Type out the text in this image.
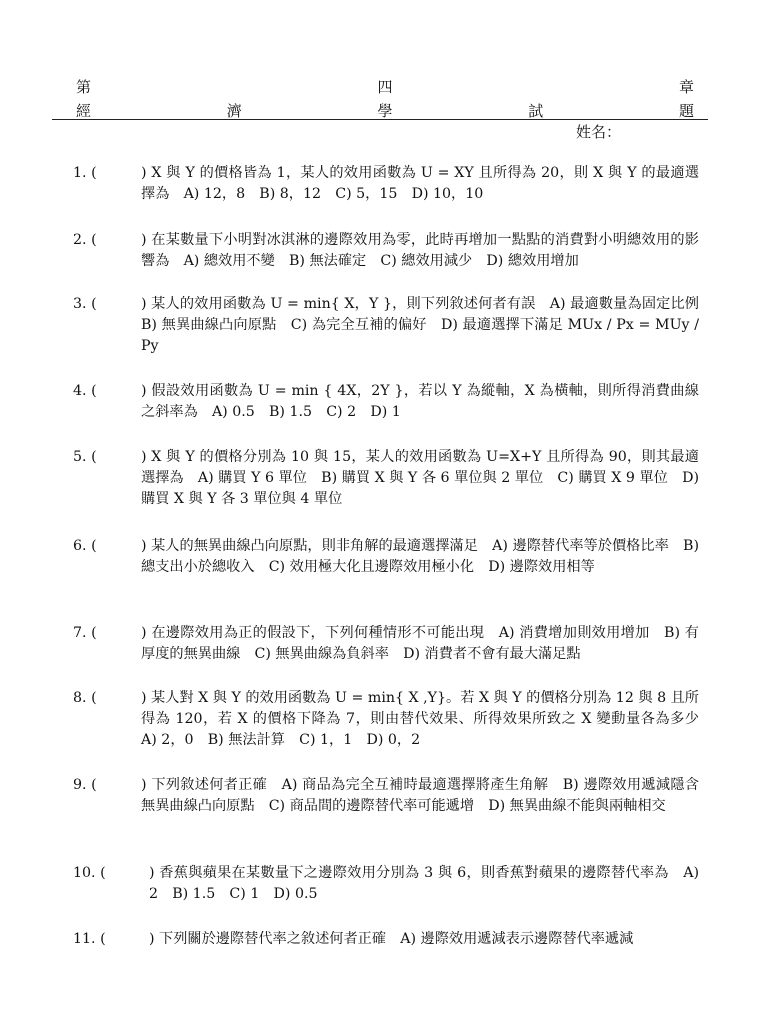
第	四	章
經	濟	學	試	題
姓名：
1. (	) X 與 Y 的價格皆為 1，某人的效用函數為 U = XY 且所得為 20，則 X 與 Y 的最適選擇為　A) 12，8　B) 8，12　C) 5，15　D) 10，10
2. (	) 在某數量下小明對冰淇淋的邊際效用為零，此時再增加一點點的消費對小明總效用的影響為　A) 總效用不變　B) 無法確定　C) 總效用減少　D) 總效用增加
3. (	) 某人的效用函數為 U = min{ X，Y }，則下列敘述何者有誤　A) 最適數量為固定比例　B) 無異曲線凸向原點　C) 為完全互補的偏好　D) 最適選擇下滿足 MUx / Px = MUy / Py
4. (	) 假設效用函數為 U = min { 4X，2Y }，若以 Y 為縱軸，X 為橫軸，則所得消費曲線之斜率為　A) 0.5　B) 1.5　C) 2　D) 1
5. (	) X 與 Y 的價格分別為 10 與 15，某人的效用函數為 U=X+Y 且所得為 90，則其最適選擇為　A) 購買 Y 6 單位　B) 購買 X 與 Y 各 6 單位與 2 單位　C) 購買 X 9 單位　D) 購買 X 與 Y 各 3 單位與 4 單位
6. (	) 某人的無異曲線凸向原點，則非角解的最適選擇滿足　A) 邊際替代率等於價格比率　B) 總支出小於總收入　C) 效用極大化且邊際效用極小化　D) 邊際效用相等
7. (	) 在邊際效用為正的假設下，下列何種情形不可能出現　A) 消費增加則效用增加　B) 有厚度的無異曲線　C) 無異曲線為負斜率　D) 消費者不會有最大滿足點
8. (	) 某人對 X 與 Y 的效用函數為 U = min{ X ,Y}。若 X 與 Y 的價格分別為 12 與 8 且所得為 120，若 X 的價格下降為 7，則由替代效果、所得效果所致之 X 變動量各為多少　A) 2，0　B) 無法計算　C) 1，1　D) 0，2
9. (	) 下列敘述何者正確　A) 商品為完全互補時最適選擇將產生角解　B) 邊際效用遞減隱含無異曲線凸向原點　C) 商品間的邊際替代率可能遞增　D) 無異曲線不能與兩軸相交
10. (	) 香蕉與蘋果在某數量下之邊際效用分別為 3 與 6，則香蕉對蘋果的邊際替代率為　A) 2　B) 1.5　C) 1　D) 0.5
11. (	) 下列關於邊際替代率之敘述何者正確　A) 邊際效用遞減表示邊際替代率遞減
